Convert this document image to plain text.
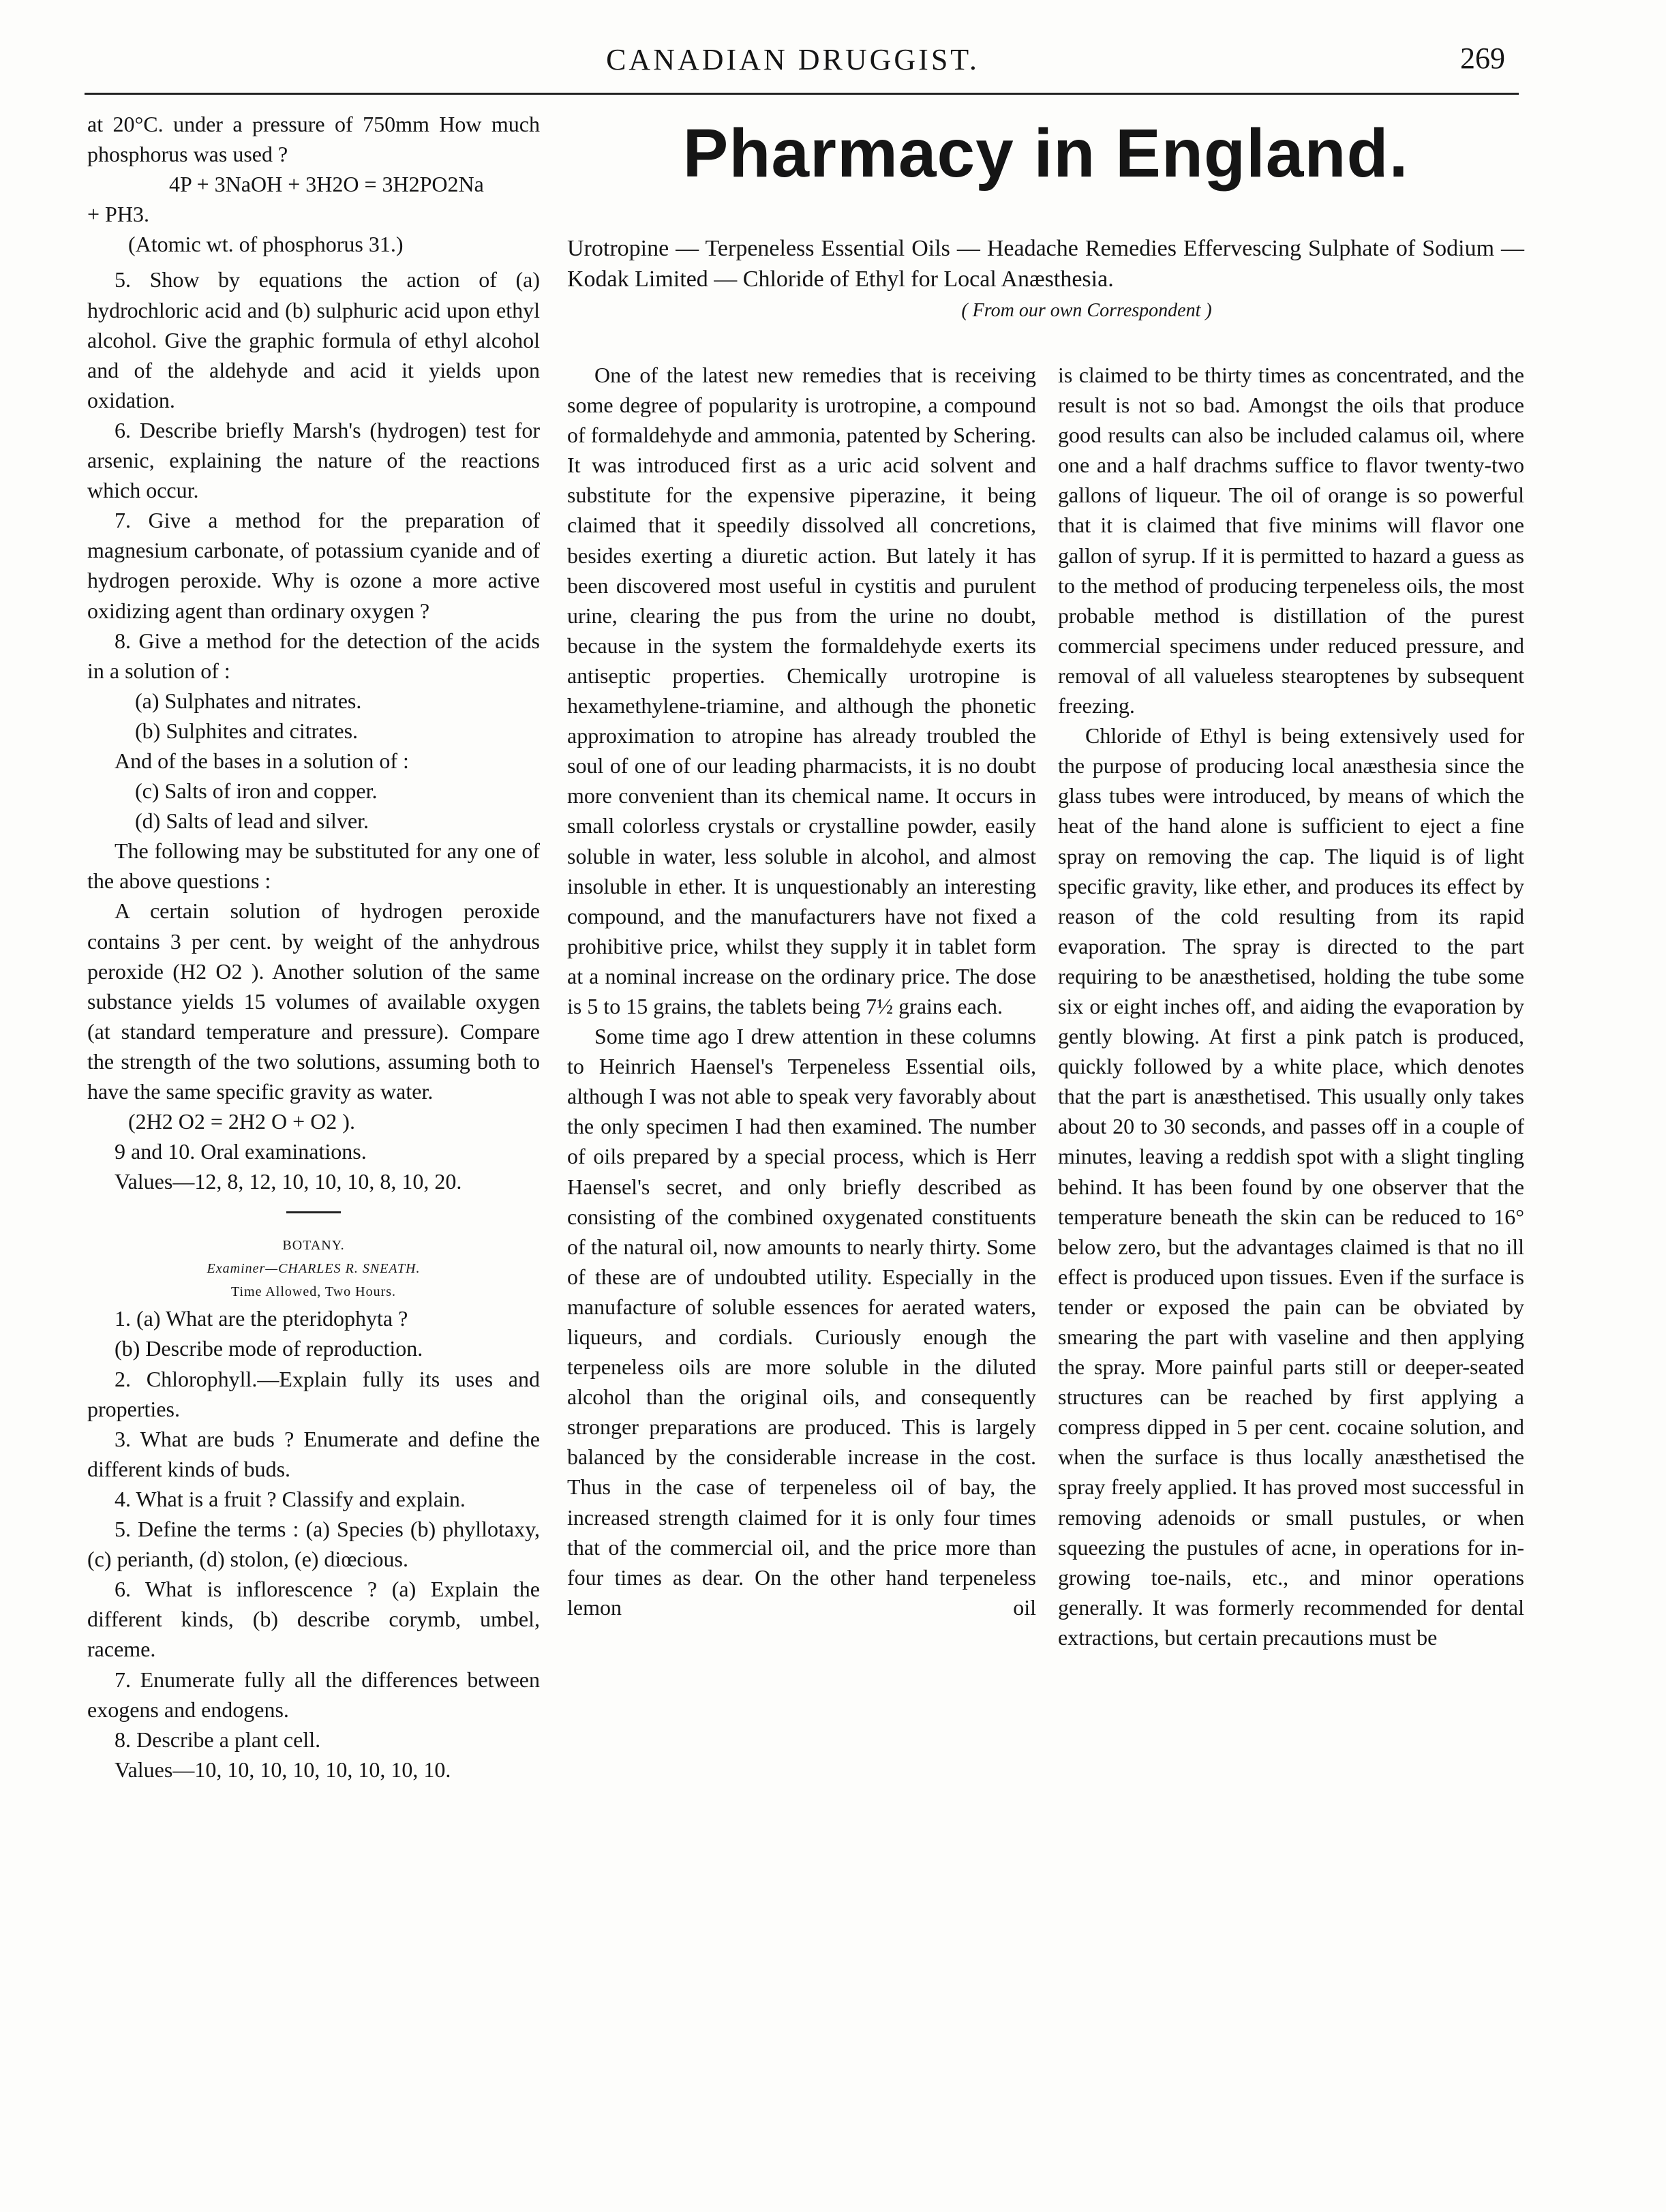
CANADIAN DRUGGIST.	269

at 20°C. under a pressure of 750mm How much phosphorus was used ?

4P + 3NaOH + 3H2O = 3H2PO2Na

+ PH3.

(Atomic wt. of phosphorus 31.)

5. Show by equations the action of (a) hydrochloric acid and (b) sulphuric acid upon ethyl alcohol. Give the graphic formula of ethyl alcohol and of the aldehyde and acid it yields upon oxidation.

6. Describe briefly Marsh's (hydrogen) test for arsenic, explaining the nature of the reactions which occur.

7. Give a method for the preparation of magnesium carbonate, of potassium cyanide and of hydrogen peroxide. Why is ozone a more active oxidizing agent than ordinary oxygen ?

8. Give a method for the detection of the acids in a solution of :

(a) Sulphates and nitrates.

(b) Sulphites and citrates.

And of the bases in a solution of :

(c) Salts of iron and copper.

(d) Salts of lead and silver.

The following may be substituted for any one of the above questions :

A certain solution of hydrogen peroxide contains 3 per cent. by weight of the anhydrous peroxide (H2 O2 ). Another solution of the same substance yields 15 volumes of available oxygen (at standard temperature and pressure). Compare the strength of the two solutions, assuming both to have the same specific gravity as water.

(2H2 O2 = 2H2 O + O2 ).

9 and 10. Oral examinations.

Values—12, 8, 12, 10, 10, 10, 8, 10, 20.

BOTANY.

Examiner—CHARLES R. SNEATH.

Time Allowed, Two Hours.

1. (a) What are the pteridophyta ?

(b) Describe mode of reproduction.

2. Chlorophyll.—Explain fully its uses and properties.

3. What are buds ? Enumerate and define the different kinds of buds.

4. What is a fruit ? Classify and explain.

5. Define the terms : (a) Species (b) phyllotaxy, (c) perianth, (d) stolon, (e) diœcious.

6. What is inflorescence ? (a) Explain the different kinds, (b) describe corymb, umbel, raceme.

7. Enumerate fully all the differences between exogens and endogens.

8. Describe a plant cell.

Values—10, 10, 10, 10, 10, 10, 10, 10.

Pharmacy in England.
Urotropine — Terpeneless Essential Oils — Headache Remedies Effervescing Sulphate of Sodium — Kodak Limited — Chloride of Ethyl for Local Anæsthesia.
( From our own Correspondent )

One of the latest new remedies that is receiving some degree of popularity is urotropine, a compound of formaldehyde and ammonia, patented by Schering. It was introduced first as a uric acid solvent and substitute for the expensive piperazine, it being claimed that it speedily dissolved all concretions, besides exerting a diuretic action. But lately it has been discovered most useful in cystitis and purulent urine, clearing the pus from the urine no doubt, because in the system the formaldehyde exerts its antiseptic properties. Chemically urotropine is hexamethylene-triamine, and although the phonetic approximation to atropine has already troubled the soul of one of our leading pharmacists, it is no doubt more convenient than its chemical name. It occurs in small colorless crystals or crystalline powder, easily soluble in water, less soluble in alcohol, and almost insoluble in ether. It is unquestionably an interesting compound, and the manufacturers have not fixed a prohibitive price, whilst they supply it in tablet form at a nominal increase on the ordinary price. The dose is 5 to 15 grains, the tablets being 7½ grains each.

Some time ago I drew attention in these columns to Heinrich Haensel's Terpeneless Essential oils, although I was not able to speak very favorably about the only specimen I had then examined. The number of oils prepared by a special process, which is Herr Haensel's secret, and only briefly described as consisting of the combined oxygenated constituents of the natural oil, now amounts to nearly thirty. Some of these are of undoubted utility. Especially in the manufacture of soluble essences for aerated waters, liqueurs, and cordials. Curiously enough the terpeneless oils are more soluble in the diluted alcohol than the original oils, and consequently stronger preparations are produced. This is largely balanced by the considerable increase in the cost. Thus in the case of terpeneless oil of bay, the increased strength claimed for it is only four times that of the commercial oil, and the price more than four times as dear. On the other hand terpeneless lemon oil

is claimed to be thirty times as concentrated, and the result is not so bad. Amongst the oils that produce good results can also be included calamus oil, where one and a half drachms suffice to flavor twenty-two gallons of liqueur. The oil of orange is so powerful that it is claimed that five minims will flavor one gallon of syrup. If it is permitted to hazard a guess as to the method of producing terpeneless oils, the most probable method is distillation of the purest commercial specimens under reduced pressure, and removal of all valueless stearoptenes by subsequent freezing.

Chloride of Ethyl is being extensively used for the purpose of producing local anæsthesia since the glass tubes were introduced, by means of which the heat of the hand alone is sufficient to eject a fine spray on removing the cap. The liquid is of light specific gravity, like ether, and produces its effect by reason of the cold resulting from its rapid evaporation. The spray is directed to the part requiring to be anæsthetised, holding the tube some six or eight inches off, and aiding the evaporation by gently blowing. At first a pink patch is produced, quickly followed by a white place, which denotes that the part is anæsthetised. This usually only takes about 20 to 30 seconds, and passes off in a couple of minutes, leaving a reddish spot with a slight tingling behind. It has been found by one observer that the temperature beneath the skin can be reduced to 16° below zero, but the advantages claimed is that no ill effect is produced upon tissues. Even if the surface is tender or exposed the pain can be obviated by smearing the part with vaseline and then applying the spray. More painful parts still or deeper-seated structures can be reached by first applying a compress dipped in 5 per cent. cocaine solution, and when the surface is thus locally anæsthetised the spray freely applied. It has proved most successful in removing adenoids or small pustules, or when squeezing the pustules of acne, in operations for in-growing toe-nails, etc., and minor operations generally. It was formerly recommended for dental extractions, but certain precautions must be
